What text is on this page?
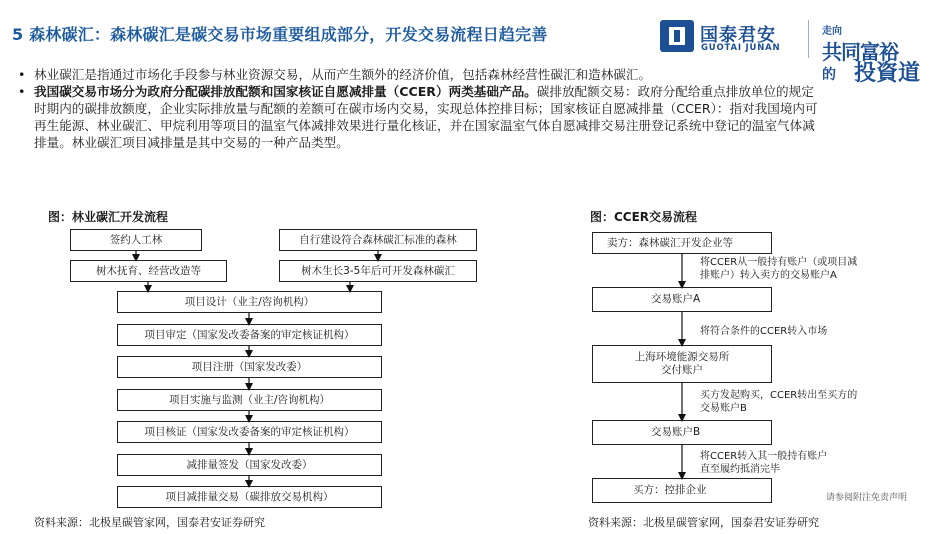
5 森林碳汇：森林碳汇是碳交易市场重要组成部分，开发交易流程日趋完善	国泰君安
GUOTAI JUNAN
走向
共同富裕
的 投資道
• 林业碳汇是指通过市场化手段参与林业资源交易，从而产生额外的经济价值，包括森林经营性碳汇和造林碳汇。
• 我国碳交易市场分为政府分配碳排放配额和国家核证自愿减排量（CCER）两类基础产品。碳排放配额交易：政府分配给重点排放单位的规定时期内的碳排放额度，企业实际排放量与配额的差额可在碳市场内交易，实现总体控排目标；国家核证自愿减排量（CCER）：指对我国境内可再生能源、林业碳汇、甲烷利用等项目的温室气体减排效果进行量化核证，并在国家温室气体自愿减排交易注册登记系统中登记的温室气体减排量。林业碳汇项目减排量是其中交易的一种产品类型。
图：林业碳汇开发流程
签约人工林
树木抚育、经营改造等
自行建设符合森林碳汇标准的森林
树木生长3-5年后可开发森林碳汇
项目设计（业主/咨询机构）
项目审定（国家发改委备案的审定核证机构）
项目注册（国家发改委）
项目实施与监测（业主/咨询机构）
项目核证（国家发改委备案的审定核证机构）
减排量签发（国家发改委）
项目减排量交易（碳排放交易机构）
资料来源：北极星碳管家网，国泰君安证券研究
图：CCER交易流程
卖方：森林碳汇开发企业等
将CCER从一般持有账户（或项目减
排账户）转入卖方的交易账户A
交易账户A
将符合条件的CCER转入市场
上海环境能源交易所
交付账户
买方发起购买，CCER转出至买方的
交易账户B
交易账户B
将CCER转入其一般持有账户
直至履约抵消完毕
买方：控排企业
资料来源：北极星碳管家网，国泰君安证券研究
请参阅附注免责声明
